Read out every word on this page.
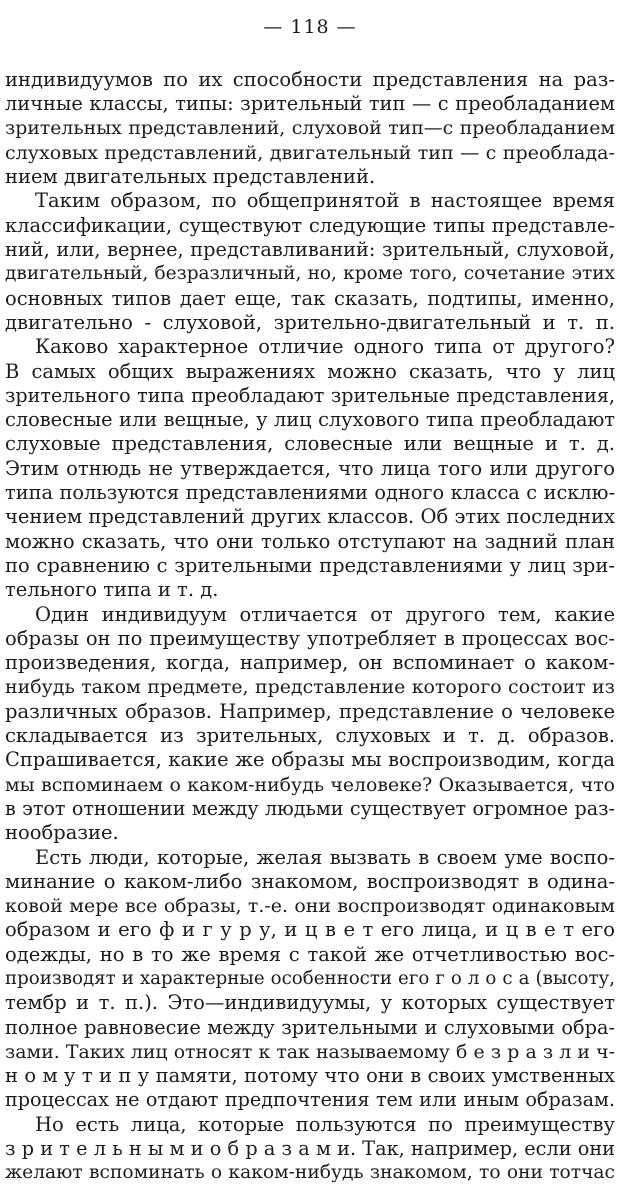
— 118 —
индивидуумов по их способности представления на раз-
личные классы, типы: зрительный тип — с преобладанием
зрительных представлений, слуховой тип—с преобладанием
слуховых представлений, двигательный тип — с преоблада-
нием двигательных представлений.
Таким образом, по общепринятой в настоящее время
классификации, существуют следующие типы представле-
ний, или, вернее, представливаний: зрительный, слуховой,
двигательный, безразличный, но, кроме того, сочетание этих
основных типов дает еще, так сказать, подтипы, именно,
двигательно - слуховой, зрительно-двигательный и т. п.
Каково характерное отличие одного типа от другого?
В самых общих выражениях можно сказать, что у лиц
зрительного типа преобладают зрительные представления,
словесные или вещные, у лиц слухового типа преобладают
слуховые представления, словесные или вещные и т. д.
Этим отнюдь не утверждается, что лица того или другого
типа пользуются представлениями одного класса с исклю-
чением представлений других классов. Об этих последних
можно сказать, что они только отступают на задний план
по сравнению с зрительными представлениями у лиц зри-
тельного типа и т. д.
Один индивидуум отличается от другого тем, какие
образы он по преимуществу употребляет в процессах вос-
произведения, когда, например, он вспоминает о каком-
нибудь таком предмете, представление которого состоит из
различных образов. Например, представление о человеке
складывается из зрительных, слуховых и т. д. образов.
Спрашивается, какие же образы мы воспроизводим, когда
мы вспоминаем о каком-нибудь человеке? Оказывается, что
в этот отношении между людьми существует огромное раз-
нообразие.
Есть люди, которые, желая вызвать в своем уме воспо-
минание о каком-либо знакомом, воспроизводят в одина-
ковой мере все образы, т.-е. они воспроизводят одинаковым
образом и его ф и г у р у, и ц в е т его лица, и ц в е т его
одежды, но в то же время с такой же отчетливостью вос-
производят и характерные особенности его г о л о с а (высоту,
тембр и т. п.). Это—индивидуумы, у которых существует
полное равновесие между зрительными и слуховыми обра-
зами. Таких лиц относят к так называемому б е з р а з л и ч-
н о м у т и п у памяти, потому что они в своих умственных
процессах не отдают предпочтения тем или иным образам.
Но есть лица, которые пользуются по преимуществу
з р и т е л ь н ы м и о б р а з а м и. Так, например, если они
желают вспоминать о каком-нибудь знакомом, то они тотчас
